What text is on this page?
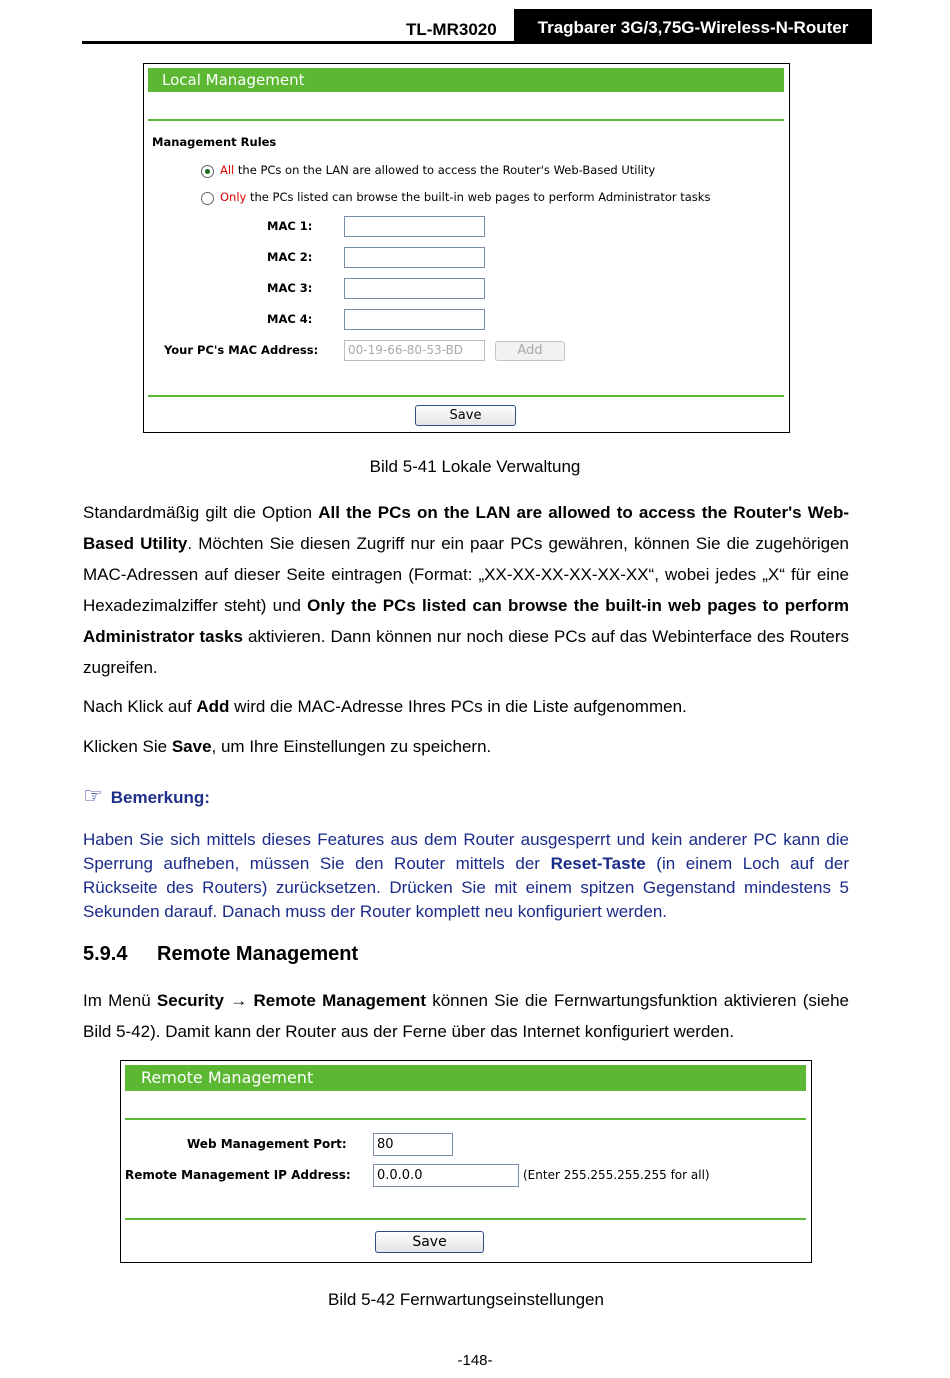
TL-MR3020	Tragbarer 3G/3,75G-Wireless-N-Router
Local Management
Management Rules
All the PCs on the LAN are allowed to access the Router's Web-Based Utility
Only the PCs listed can browse the built-in web pages to perform Administrator tasks
MAC 1:
MAC 2:
MAC 3:
MAC 4:
Your PC's MAC Address:	00-19-66-80-53-BD	Add
Save
Bild 5-41 Lokale Verwaltung

Standardmäßig gilt die Option All the PCs on the LAN are allowed to access the Router's Web-Based Utility. Möchten Sie diesen Zugriff nur ein paar PCs gewähren, können Sie die zugehörigen MAC-Adressen auf dieser Seite eintragen (Format: „XX-XX-XX-XX-XX-XX“, wobei jedes „X“ für eine Hexadezimalziffer steht) und Only the PCs listed can browse the built-in web pages to perform Administrator tasks aktivieren. Dann können nur noch diese PCs auf das Webinterface des Routers zugreifen.

Nach Klick auf Add wird die MAC-Adresse Ihres PCs in die Liste aufgenommen.

Klicken Sie Save, um Ihre Einstellungen zu speichern.

☞ Bemerkung:

Haben Sie sich mittels dieses Features aus dem Router ausgesperrt und kein anderer PC kann die Sperrung aufheben, müssen Sie den Router mittels der Reset-Taste (in einem Loch auf der Rückseite des Routers) zurücksetzen. Drücken Sie mit einem spitzen Gegenstand mindestens 5 Sekunden darauf. Danach muss der Router komplett neu konfiguriert werden.

5.9.4 Remote Management

Im Menü Security → Remote Management können Sie die Fernwartungsfunktion aktivieren (siehe Bild 5-42). Damit kann der Router aus der Ferne über das Internet konfiguriert werden.

Remote Management
Web Management Port:
80
Remote Management IP Address:
0.0.0.0	(Enter 255.255.255.255 for all)
Save
Bild 5-42 Fernwartungseinstellungen
-148-
